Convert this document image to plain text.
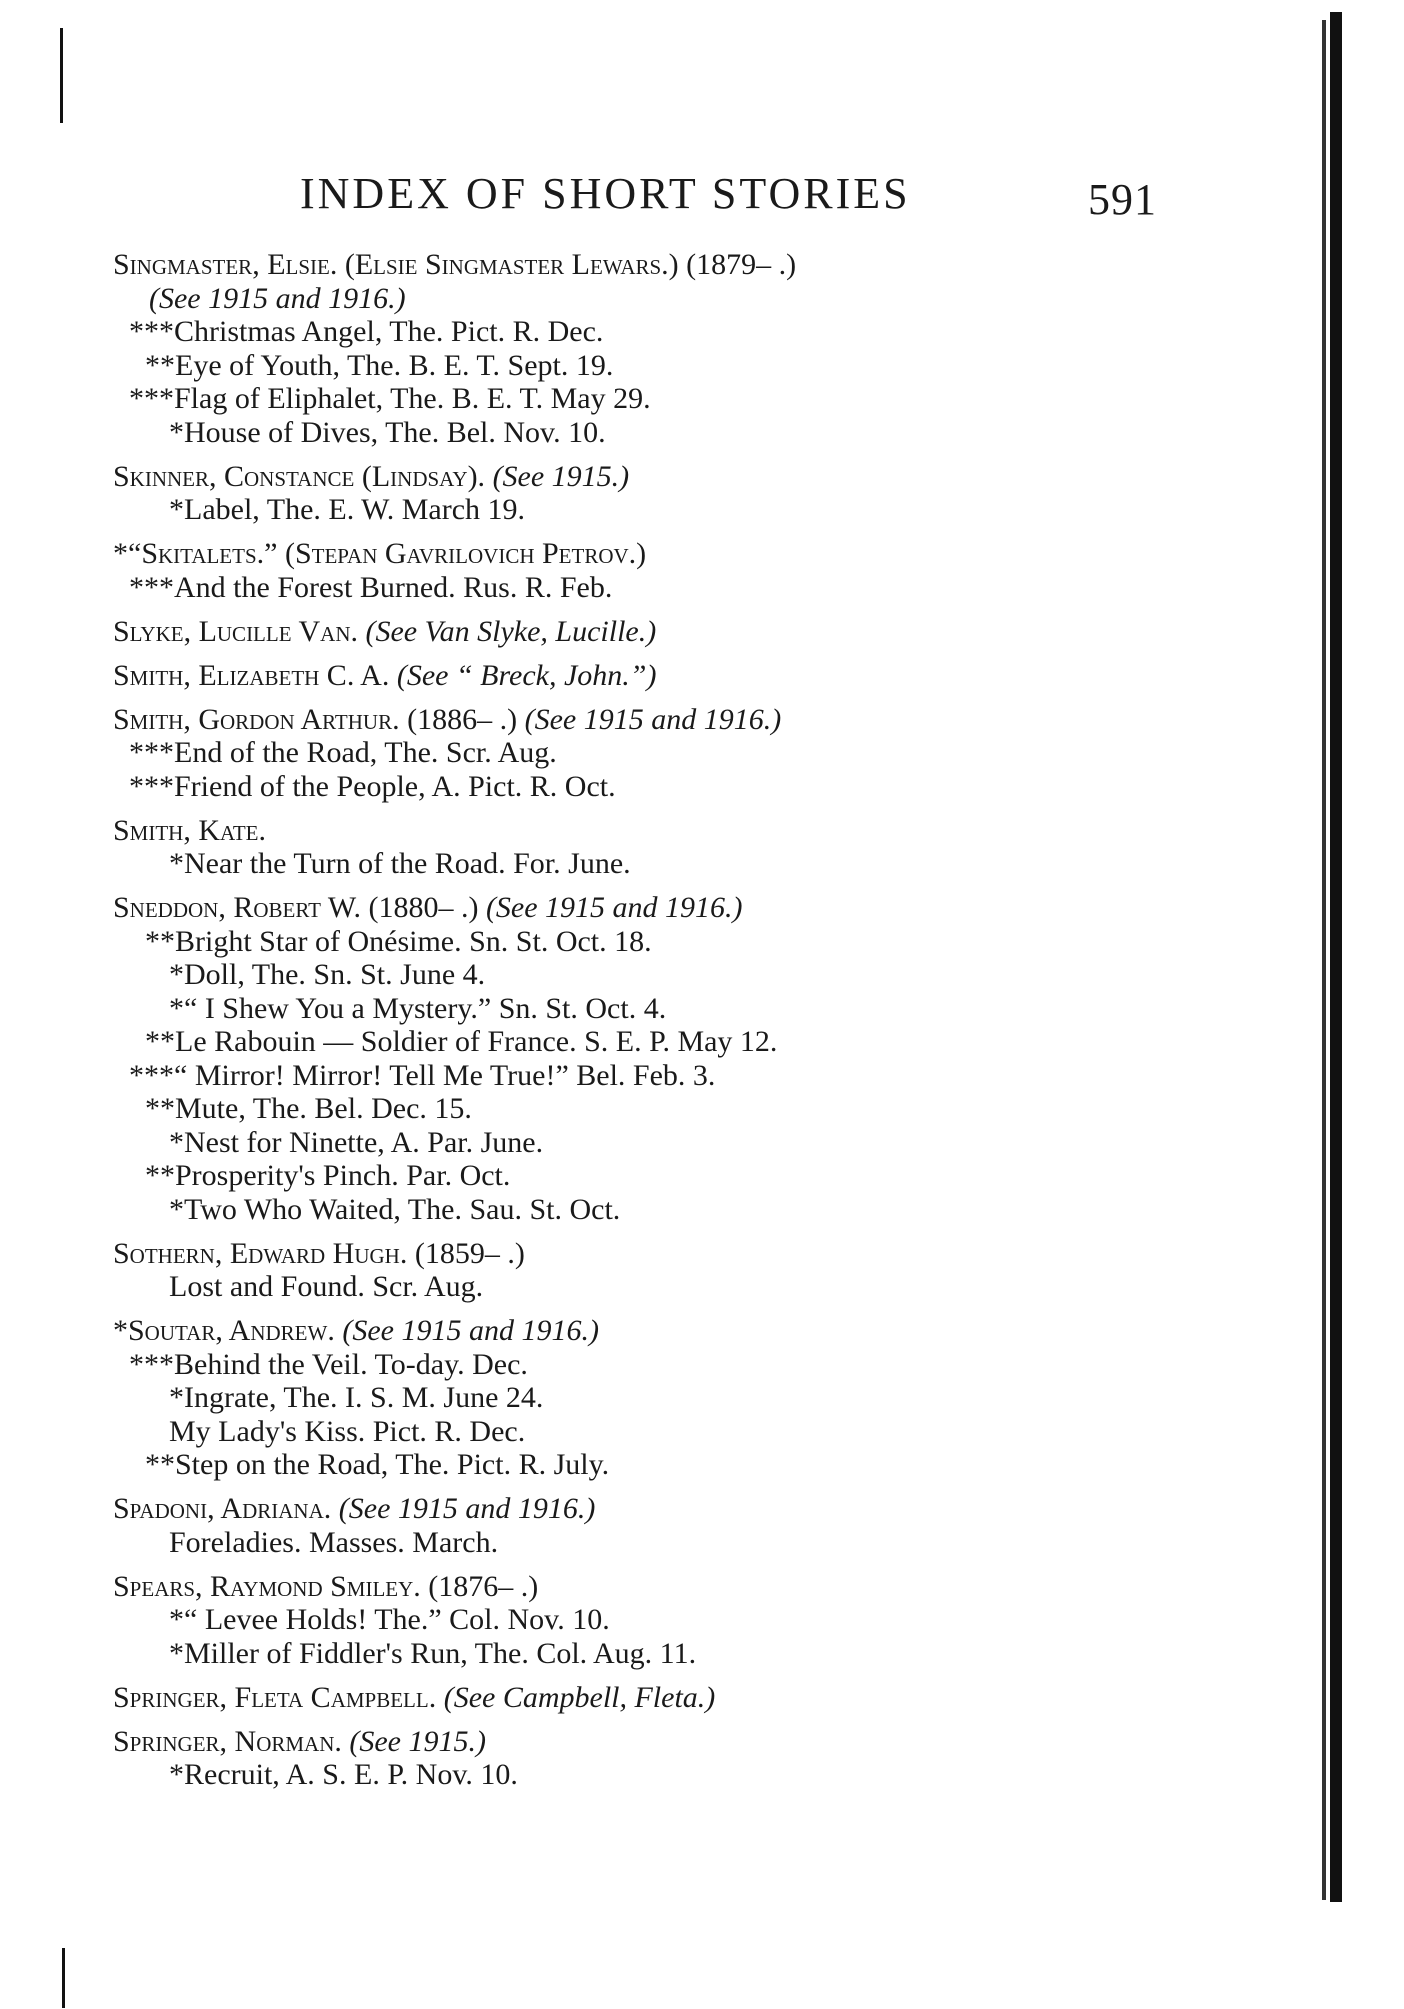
INDEX OF SHORT STORIES	591
Singmaster, Elsie. (Elsie Singmaster Lewars.) (1879– .)
(See 1915 and 1916.)
***Christmas Angel, The. Pict. R. Dec.
**Eye of Youth, The. B. E. T. Sept. 19.
***Flag of Eliphalet, The. B. E. T. May 29.
*House of Dives, The. Bel. Nov. 10.
Skinner, Constance (Lindsay). (See 1915.)
*Label, The. E. W. March 19.
*“Skitalets.” (Stepan Gavrilovich Petrov.)
***And the Forest Burned. Rus. R. Feb.
Slyke, Lucille Van. (See Van Slyke, Lucille.)
Smith, Elizabeth C. A. (See “ Breck, John.”)
Smith, Gordon Arthur. (1886– .) (See 1915 and 1916.)
***End of the Road, The. Scr. Aug.
***Friend of the People, A. Pict. R. Oct.
Smith, Kate.
*Near the Turn of the Road. For. June.
Sneddon, Robert W. (1880– .) (See 1915 and 1916.)
**Bright Star of Onésime. Sn. St. Oct. 18.
*Doll, The. Sn. St. June 4.
*“ I Shew You a Mystery.” Sn. St. Oct. 4.
**Le Rabouin — Soldier of France. S. E. P. May 12.
***“ Mirror! Mirror! Tell Me True!” Bel. Feb. 3.
**Mute, The. Bel. Dec. 15.
*Nest for Ninette, A. Par. June.
**Prosperity's Pinch. Par. Oct.
*Two Who Waited, The. Sau. St. Oct.
Sothern, Edward Hugh. (1859– .)
Lost and Found. Scr. Aug.
*Soutar, Andrew. (See 1915 and 1916.)
***Behind the Veil. To-day. Dec.
*Ingrate, The. I. S. M. June 24.
My Lady's Kiss. Pict. R. Dec.
**Step on the Road, The. Pict. R. July.
Spadoni, Adriana. (See 1915 and 1916.)
Foreladies. Masses. March.
Spears, Raymond Smiley. (1876– .)
*“ Levee Holds! The.” Col. Nov. 10.
*Miller of Fiddler's Run, The. Col. Aug. 11.
Springer, Fleta Campbell. (See Campbell, Fleta.)
Springer, Norman. (See 1915.)
*Recruit, A. S. E. P. Nov. 10.
